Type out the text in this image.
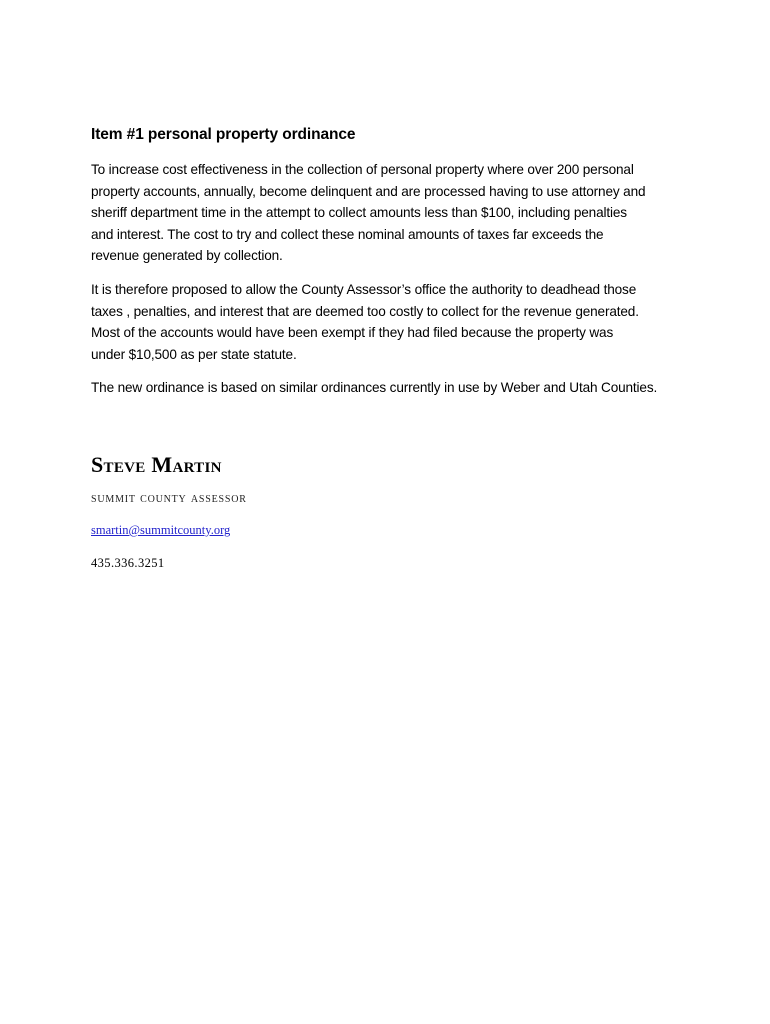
Item #1 personal property ordinance

To increase cost effectiveness in the collection of personal property where over 200 personal
property accounts, annually, become delinquent and are processed having to use attorney and
sheriff department time in the attempt to collect amounts less than $100, including penalties
and interest. The cost to try and collect these nominal amounts of taxes far exceeds the
revenue generated by collection.

It is therefore proposed to allow the County Assessor’s office the authority to deadhead those
taxes , penalties, and interest that are deemed too costly to collect for the revenue generated.
Most of the accounts would have been exempt if they had filed because the property was
under $10,500 as per state statute.

The new ordinance is based on similar ordinances currently in use by Weber and Utah Counties.

Steve Martin
summit county assessor
smartin@summitcounty.org
435.336.3251
